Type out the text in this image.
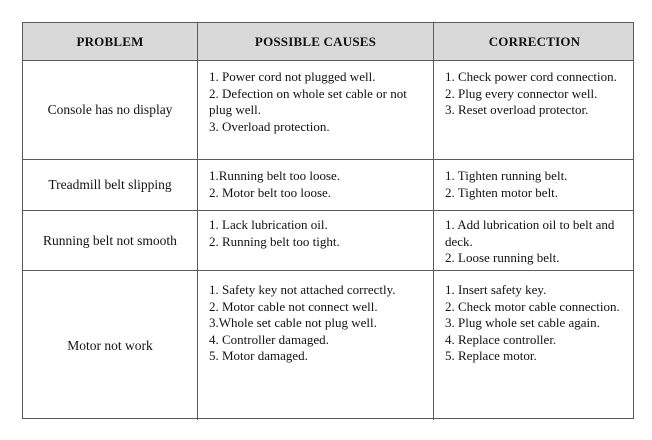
PROBLEM	POSSIBLE CAUSES	CORRECTION
Console has no display
1. Power cord not plugged well.
2. Defection on whole set cable or not plug well.
3. Overload protection.
1. Check power cord connection.
2. Plug every connector well.
3. Reset overload protector.
Treadmill belt slipping
1.Running belt too loose.
2. Motor belt too loose.
1. Tighten running belt.
2. Tighten motor belt.
Running belt not smooth
1. Lack lubrication oil.
2. Running belt too tight.
1. Add lubrication oil to belt and deck.
2. Loose running belt.
Motor not work
1. Safety key not attached correctly.
2. Motor cable not connect well.
3.Whole set cable not plug well.
4. Controller damaged.
5. Motor damaged.
1. Insert safety key.
2. Check motor cable connection.
3. Plug whole set cable again.
4. Replace controller.
5. Replace motor.
